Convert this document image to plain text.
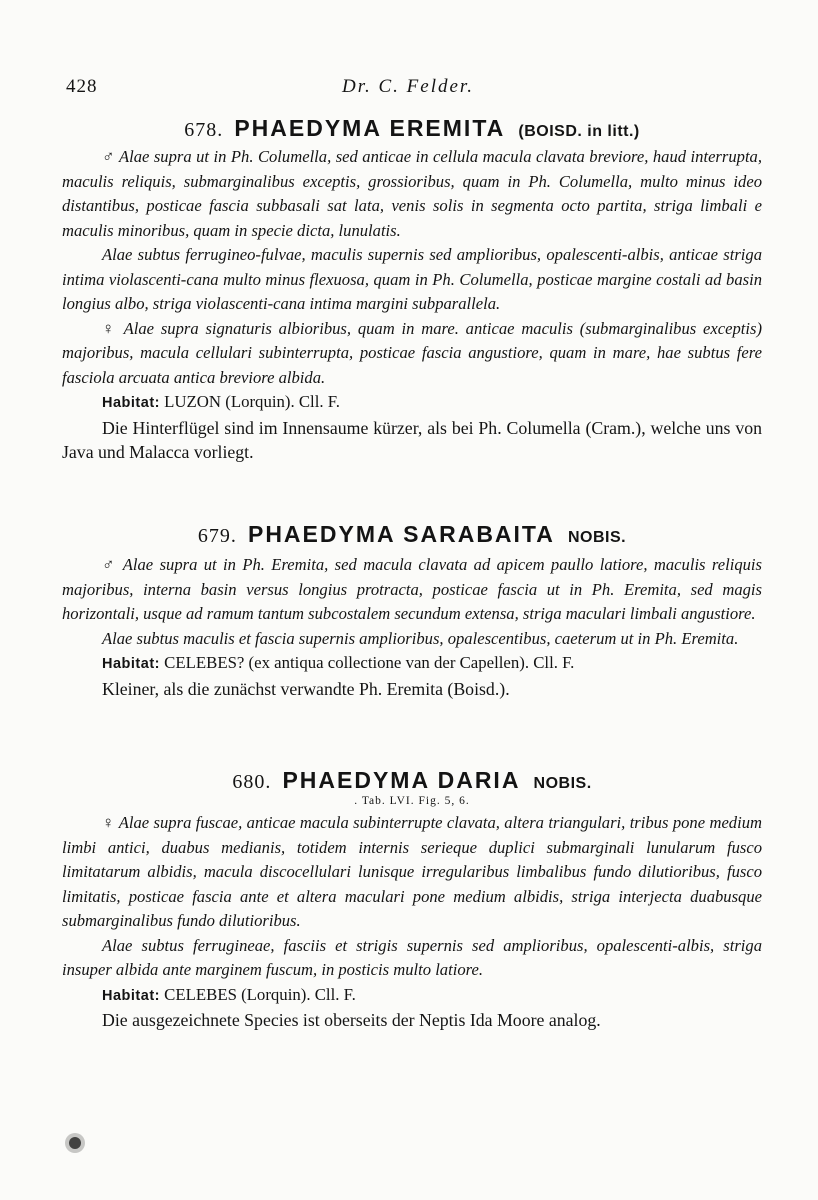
428	Dr. C. Felder.
678. PHAEDYMA EREMITA (BOISD. in litt.)

♂ Alae supra ut in Ph. Columella, sed anticae in cellula macula clavata breviore, haud interrupta, maculis reliquis, submarginalibus exceptis, grossioribus, quam in Ph. Columella, multo minus ideo distantibus, posticae fascia subbasali sat lata, venis solis in segmenta octo partita, striga limbali e maculis minoribus, quam in specie dicta, lunulatis.

Alae subtus ferrugineo-fulvae, maculis supernis sed amplioribus, opalescenti-albis, anticae striga intima violascenti-cana multo minus flexuosa, quam in Ph. Columella, posticae margine costali ad basin longius albo, striga violascenti-cana intima margini subparallela.

♀ Alae supra signaturis albioribus, quam in mare. anticae maculis (submarginalibus exceptis) majoribus, macula cellulari subinterrupta, posticae fascia angustiore, quam in mare, hae subtus fere fasciola arcuata antica breviore albida.

Habitat: LUZON (Lorquin). Cll. F.

Die Hinterflügel sind im Innensaume kürzer, als bei Ph. Columella (Cram.), welche uns von Java und Malacca vorliegt.

679. PHAEDYMA SARABAITA NOBIS.

♂ Alae supra ut in Ph. Eremita, sed macula clavata ad apicem paullo latiore, maculis reliquis majoribus, interna basin versus longius protracta, posticae fascia ut in Ph. Eremita, sed magis horizontali, usque ad ramum tantum subcostalem secundum extensa, striga maculari limbali angustiore.

Alae subtus maculis et fascia supernis amplioribus, opalescentibus, caeterum ut in Ph. Eremita.

Habitat: CELEBES? (ex antiqua collectione van der Capellen). Cll. F.

Kleiner, als die zunächst verwandte Ph. Eremita (Boisd.).

680. PHAEDYMA DARIA NOBIS.
. Tab. LVI. Fig. 5, 6.

♀ Alae supra fuscae, anticae macula subinterrupte clavata, altera triangulari, tribus pone medium limbi antici, duabus medianis, totidem internis serieque duplici submarginali lunularum fusco limitatarum albidis, macula discocellulari lunisque irregularibus limbalibus fundo dilutioribus, fusco limitatis, posticae fascia ante et altera maculari pone medium albidis, striga interjecta duabusque submarginalibus fundo dilutioribus.

Alae subtus ferrugineae, fasciis et strigis supernis sed amplioribus, opalescenti-albis, striga insuper albida ante marginem fuscum, in posticis multo latiore.

Habitat: CELEBES (Lorquin). Cll. F.

Die ausgezeichnete Species ist oberseits der Neptis Ida Moore analog.
